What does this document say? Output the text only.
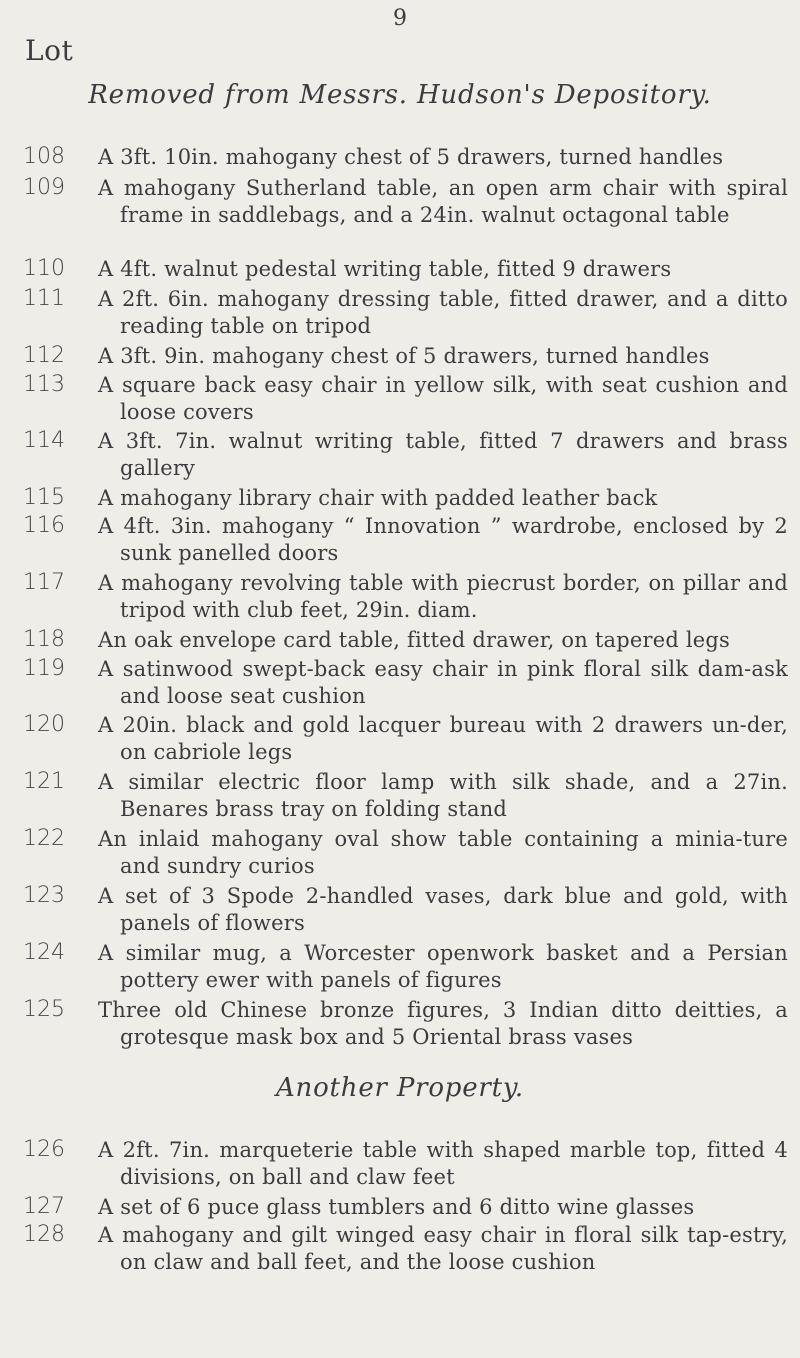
Lot
9
Removed from Messrs. Hudson's Depository.
108	A 3ft. 10in. mahogany chest of 5 drawers, turned handles
109	A mahogany Sutherland table, an open arm chair with spiral frame in saddlebags, and a 24in. walnut octagonal table
110	A 4ft. walnut pedestal writing table, fitted 9 drawers
111	A 2ft. 6in. mahogany dressing table, fitted drawer, and a ditto reading table on tripod
112	A 3ft. 9in. mahogany chest of 5 drawers, turned handles
113	A square back easy chair in yellow silk, with seat cushion and loose covers
114	A 3ft. 7in. walnut writing table, fitted 7 drawers and brass gallery
115	A mahogany library chair with padded leather back
116	A 4ft. 3in. mahogany “ Innovation ” wardrobe, enclosed by 2 sunk panelled doors
117	A mahogany revolving table with piecrust border, on pillar and tripod with club feet, 29in. diam.
118	An oak envelope card table, fitted drawer, on tapered legs
119	A satinwood swept-back easy chair in pink floral silk dam-ask and loose seat cushion
120	A 20in. black and gold lacquer bureau with 2 drawers un-der, on cabriole legs
121	A similar electric floor lamp with silk shade, and a 27in. Benares brass tray on folding stand
122	An inlaid mahogany oval show table containing a minia-ture and sundry curios
123	A set of 3 Spode 2-handled vases, dark blue and gold, with panels of flowers
124	A similar mug, a Worcester openwork basket and a Persian pottery ewer with panels of figures
125	Three old Chinese bronze figures, 3 Indian ditto deitties, a grotesque mask box and 5 Oriental brass vases
Another Property.
126	A 2ft. 7in. marqueterie table with shaped marble top, fitted 4 divisions, on ball and claw feet
127	A set of 6 puce glass tumblers and 6 ditto wine glasses
128	A mahogany and gilt winged easy chair in floral silk tap-estry, on claw and ball feet, and the loose cushion
